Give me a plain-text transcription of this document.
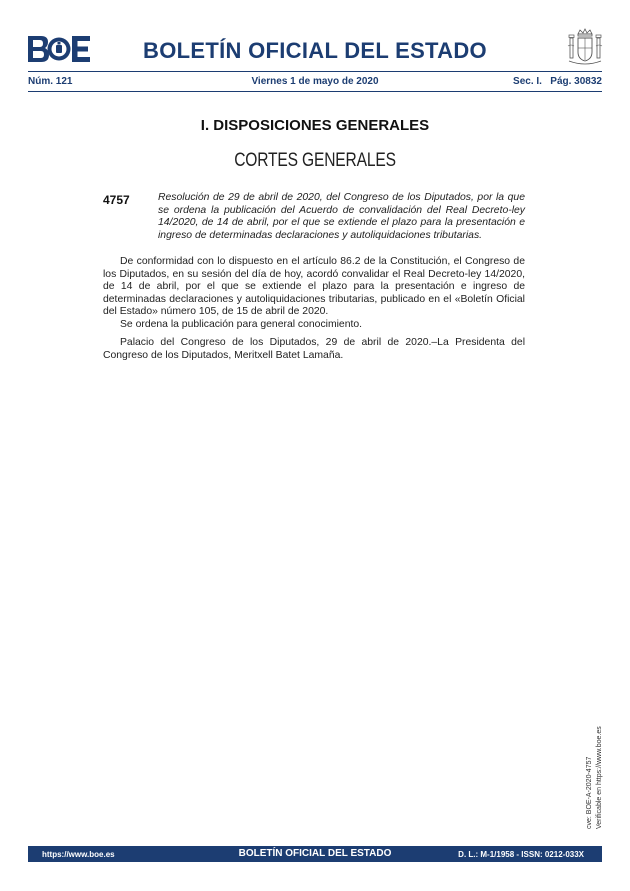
BOLETÍN OFICIAL DEL ESTADO
Núm. 121	Viernes 1 de mayo de 2020	Sec. I.   Pág. 30832
I. DISPOSICIONES GENERALES
CORTES GENERALES
4757	Resolución de 29 de abril de 2020, del Congreso de los Diputados, por la que se ordena la publicación del Acuerdo de convalidación del Real Decreto-ley 14/2020, de 14 de abril, por el que se extiende el plazo para la presentación e ingreso de determinadas declaraciones y autoliquidaciones tributarias.

De conformidad con lo dispuesto en el artículo 86.2 de la Constitución, el Congreso de los Diputados, en su sesión del día de hoy, acordó convalidar el Real Decreto-ley 14/2020, de 14 de abril, por el que se extiende el plazo para la presentación e ingreso de determinadas declaraciones y autoliquidaciones tributarias, publicado en el «Boletín Oficial del Estado» número 105, de 15 de abril de 2020.

Se ordena la publicación para general conocimiento.

Palacio del Congreso de los Diputados, 29 de abril de 2020.–La Presidenta del Congreso de los Diputados, Meritxell Batet Lamaña.

cve: BOE-A-2020-4757 Verificable en https://www.boe.es
https://www.boe.es	BOLETÍN OFICIAL DEL ESTADO	D. L.: M-1/1958 - ISSN: 0212-033X
